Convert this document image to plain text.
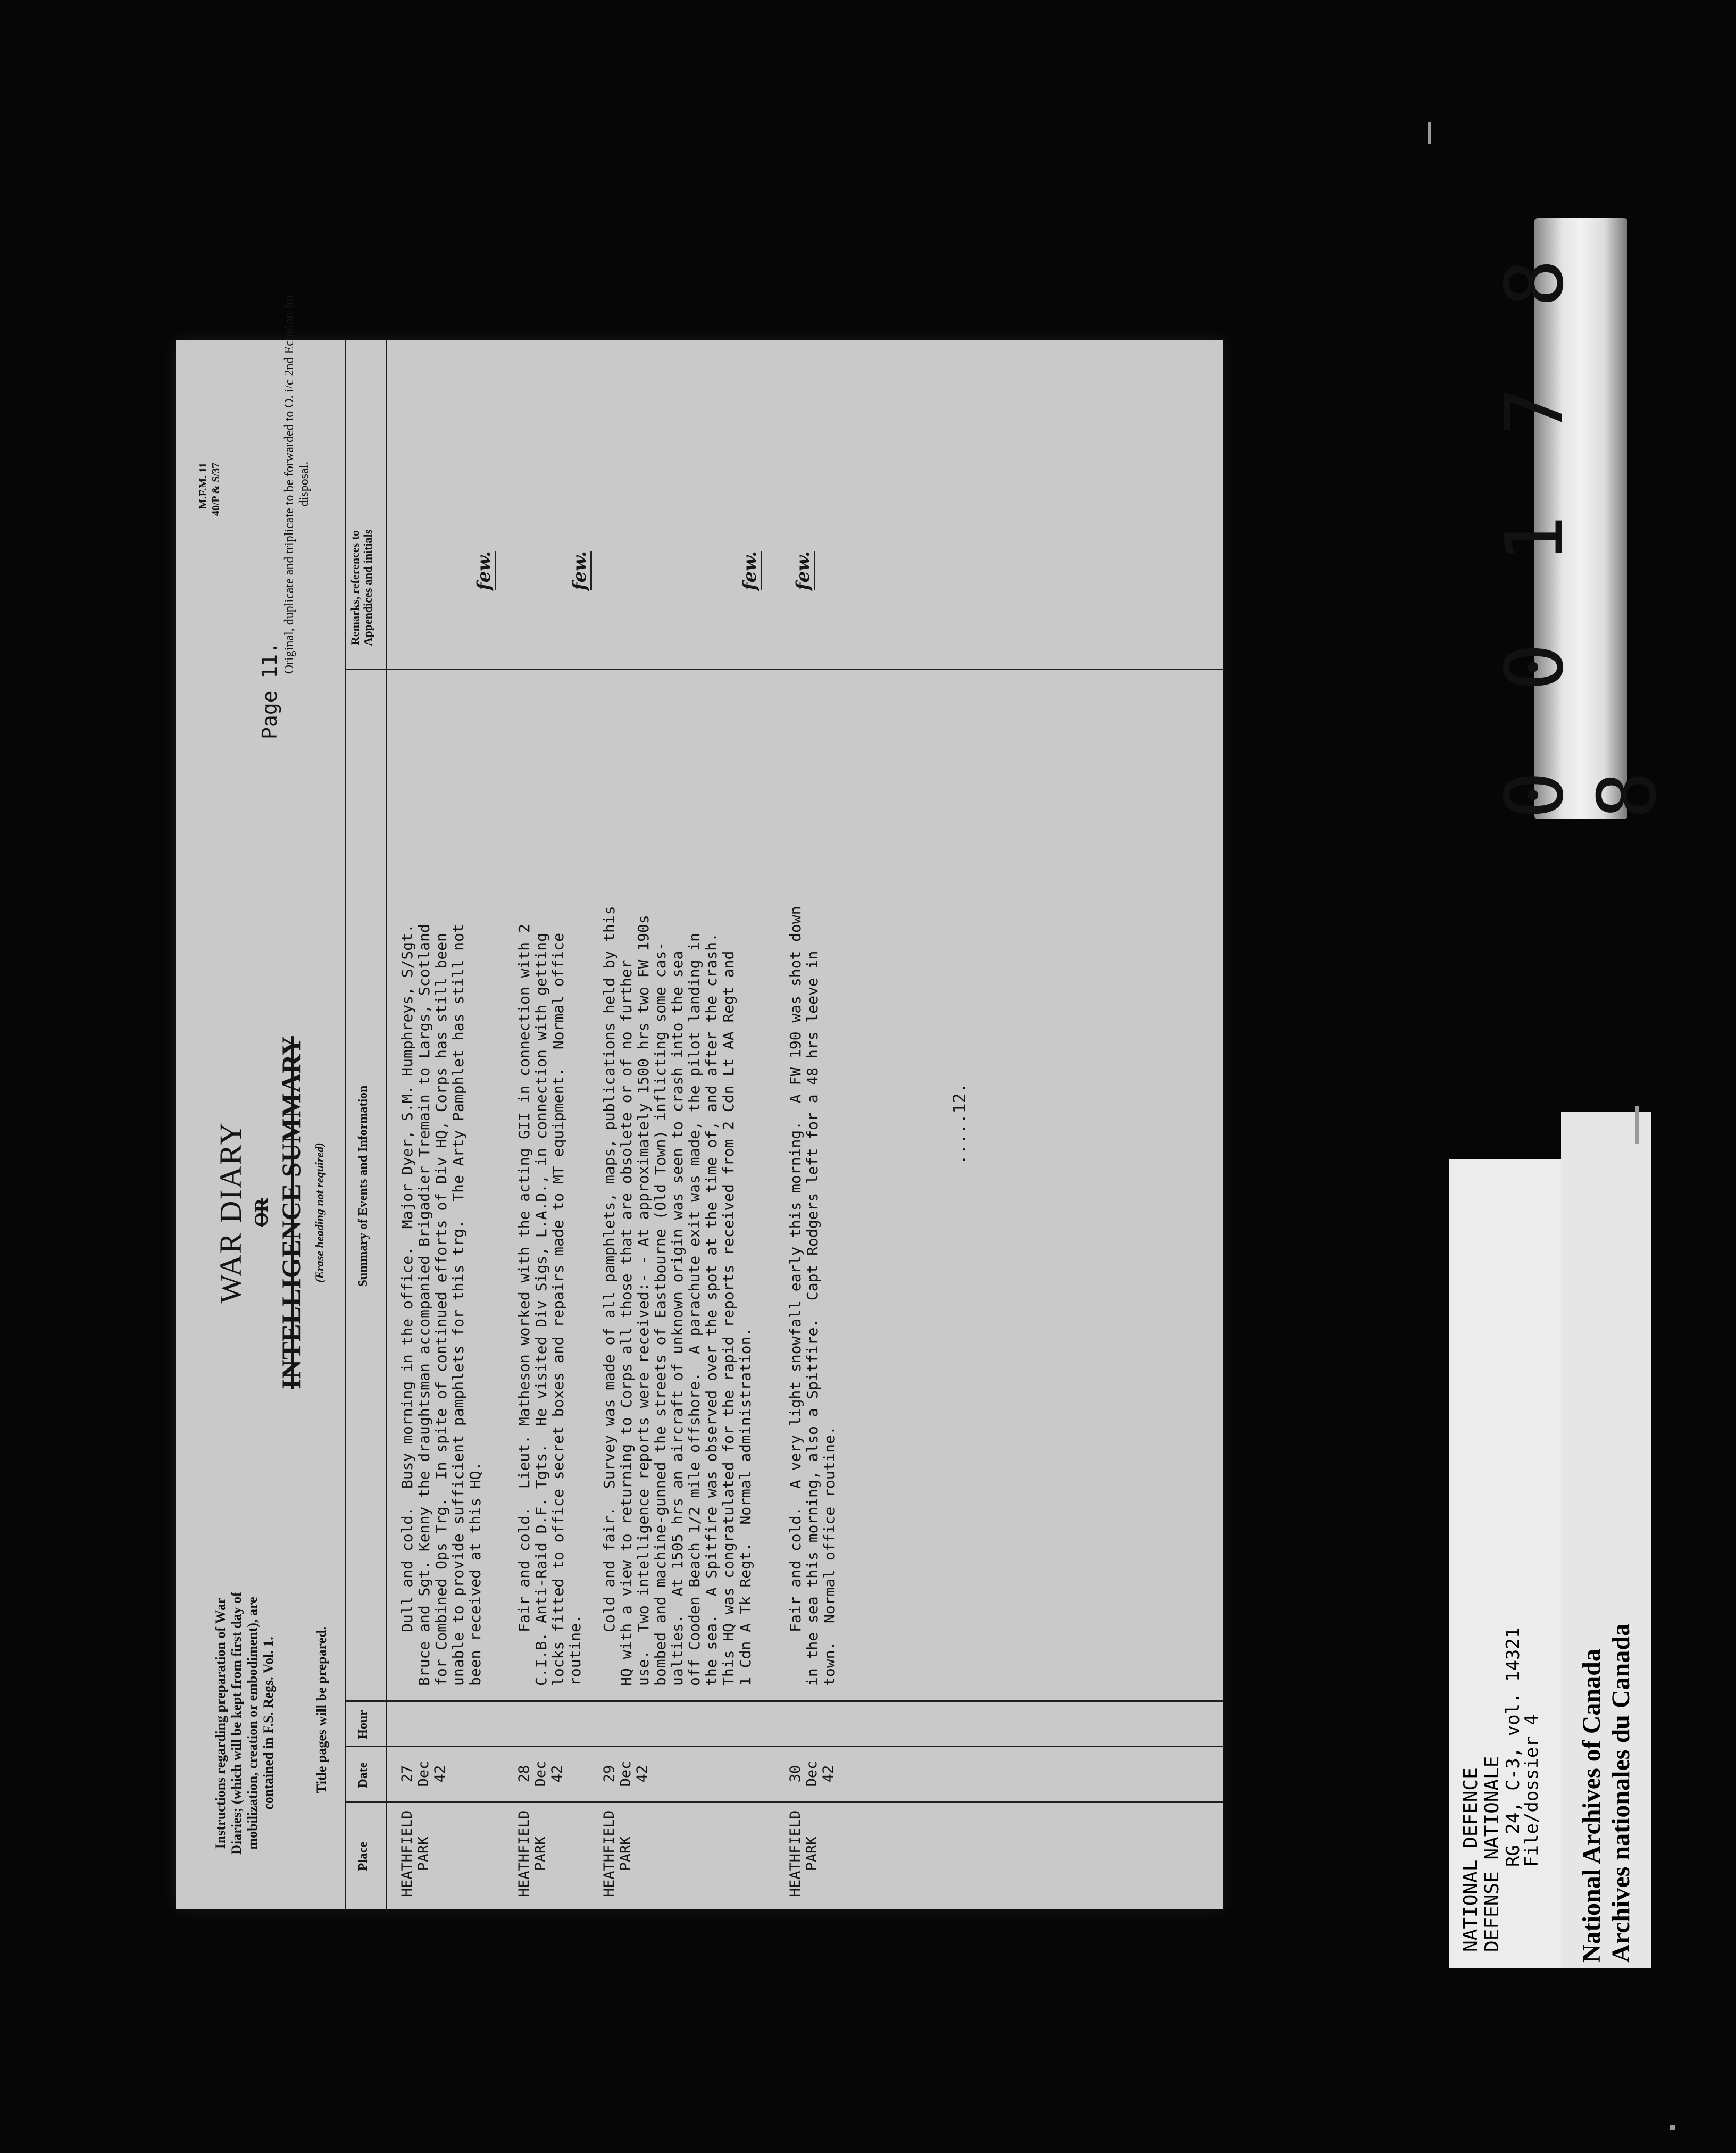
Instructions regarding preparation of War Diaries; (which will be kept from first day of mobilization, creation or embodiment), are contained in F.S. Regs. Vol. 1.	Title pages will be prepared.
WAR DIARY OR INTELLIGENCE SUMMARY (Erase heading not required)
Page 11.
M.F.M. 11 40/P & S/37	Original, duplicate and triplicate to be forwarded to O. i/c 2nd Echelon for disposal.
Place
Date
Hour
Summary of Events and Information
Remarks, references to Appendices and initials
HEATHFIELD
PARK
27
Dec
42
Dull and cold.  Busy morning in the office.  Major Dyer, S.M. Humphreys, S/Sgt.
Bruce and Sgt. Kenny the draughtsman accompanied Brigadier Tremain to Largs, Scotland
for Combined Ops Trg.  In spite of continued efforts of Div HQ, Corps has still been
unable to provide sufficient pamphlets for this trg.  The Arty Pamphlet has still not
been received at this HQ.
few.
HEATHFIELD
PARK
28
Dec
42
Fair and cold.  Lieut. Matheson worked with the acting GII in connection with 2
C.I.B. Anti-Raid D.F. Tgts.  He visited Div Sigs, L.A.D., in connection with getting
locks fitted to office secret boxes and repairs made to MT equipment.  Normal office
routine.
few.
HEATHFIELD
PARK
29
Dec
42
Cold and fair.  Survey was made of all pamphlets, maps, publications held by this
HQ with a view to returning to Corps all those that are obsolete or of no further
use.  Two intelligence reports were received:- - At approximately 1500 hrs two FW 190s
bombed and machine-gunned the streets of Eastbourne (Old Town) inflicting some cas-
ualties.  At 1505 hrs an aircraft of unknown origin was seen to crash into the sea
off Cooden Beach 1/2 mile offshore.  A parachute exit was made, the pilot landing in
the sea.  A Spitfire was observed over the spot at the time of, and after the crash.
This HQ was congratulated for the rapid reports received from 2 Cdn Lt AA Regt and
1 Cdn A Tk Regt.  Normal administration.
few.
HEATHFIELD
PARK
30
Dec
42
Fair and cold.  A very light snowfall early this morning.  A FW 190 was shot down
in the sea this morning, also a Spitfire.  Capt Rodgers left for a 48 hrs leeve in
town.  Normal office routine.
few.
.....12.
0 0 1 7 8 8
NATIONAL DEFENCE DEFENSE NATIONALE RG 24, C-3, vol. 14321
File/dossier 4 National Archives of Canada Archives nationales du Canada
